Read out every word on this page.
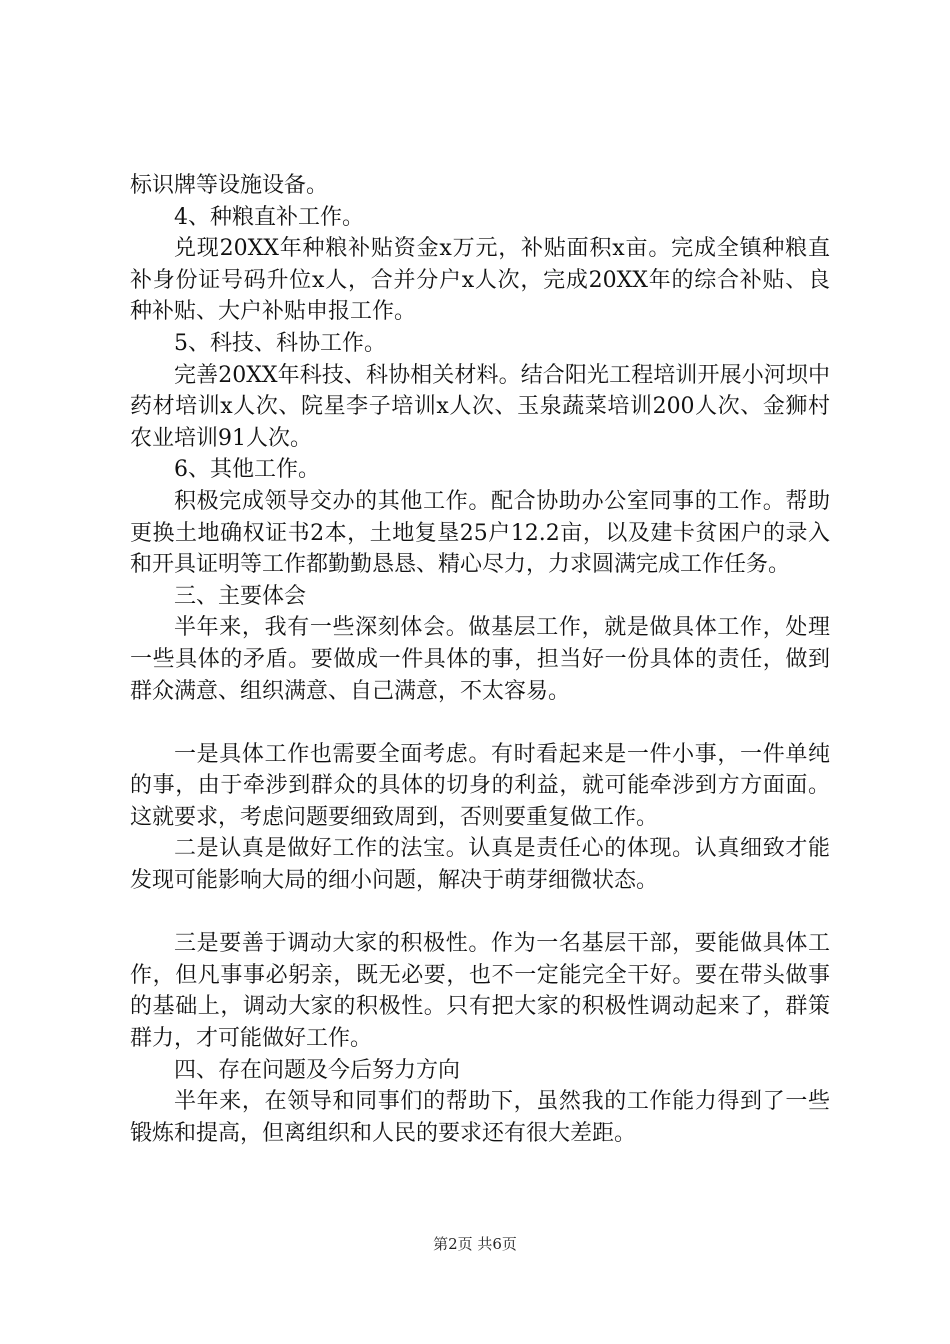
标识牌等设施设备。

4、种粮直补工作。

兑现20XX年种粮补贴资金x万元，补贴面积x亩。完成全镇种粮直补身份证号码升位x人，合并分户x人次，完成20XX年的综合补贴、良种补贴、大户补贴申报工作。

5、科技、科协工作。

完善20XX年科技、科协相关材料。结合阳光工程培训开展小河坝中药材培训x人次、院星李子培训x人次、玉泉蔬菜培训200人次、金狮村农业培训91人次。

6、其他工作。

积极完成领导交办的其他工作。配合协助办公室同事的工作。帮助更换土地确权证书2本，土地复垦25户12.2亩，以及建卡贫困户的录入和开具证明等工作都勤勤恳恳、精心尽力，力求圆满完成工作任务。

三、主要体会

半年来，我有一些深刻体会。做基层工作，就是做具体工作，处理一些具体的矛盾。要做成一件具体的事，担当好一份具体的责任，做到群众满意、组织满意、自己满意，不太容易。

一是具体工作也需要全面考虑。有时看起来是一件小事，一件单纯的事，由于牵涉到群众的具体的切身的利益，就可能牵涉到方方面面。这就要求，考虑问题要细致周到，否则要重复做工作。

二是认真是做好工作的法宝。认真是责任心的体现。认真细致才能发现可能影响大局的细小问题，解决于萌芽细微状态。

三是要善于调动大家的积极性。作为一名基层干部，要能做具体工作，但凡事事必躬亲，既无必要，也不一定能完全干好。要在带头做事的基础上，调动大家的积极性。只有把大家的积极性调动起来了，群策群力，才可能做好工作。

四、存在问题及今后努力方向

半年来，在领导和同事们的帮助下，虽然我的工作能力得到了一些锻炼和提高，但离组织和人民的要求还有很大差距。

第2页 共6页
